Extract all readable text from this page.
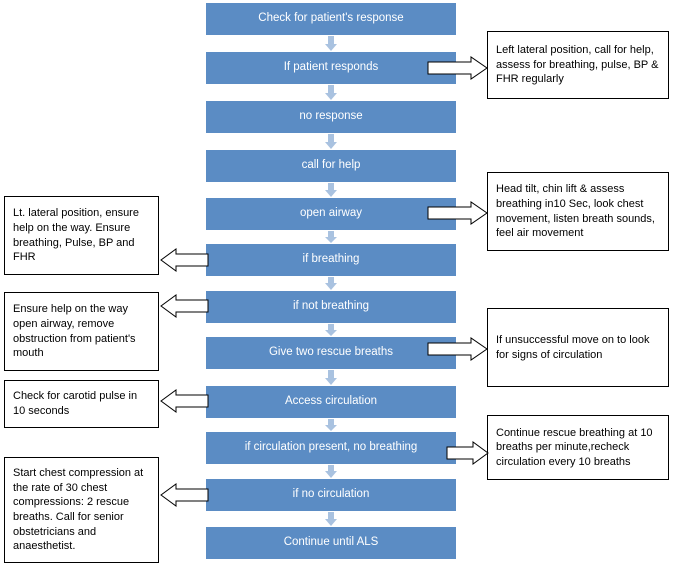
Check for patient's response
If patient responds
no response
call for help
open airway
if breathing
if not breathing
Give two rescue breaths
Access circulation
if circulation present, no breathing
if no circulation
Continue until ALS
Left lateral position, call for help, assess for breathing, pulse, BP & FHR regularly
Head tilt, chin lift & assess breathing in10 Sec, look chest movement, listen breath sounds, feel air movement
If unsuccessful move on to look for signs of circulation
Continue rescue breathing at 10 breaths per minute,recheck circulation every 10 breaths
Lt. lateral position, ensure help on the way. Ensure breathing, Pulse, BP and FHR
Ensure help on the way open airway, remove obstruction from patient's mouth
Check for carotid pulse in 10 seconds
Start chest compression at the rate of 30 chest compressions: 2 rescue breaths. Call for senior obstetricians and anaesthetist.
